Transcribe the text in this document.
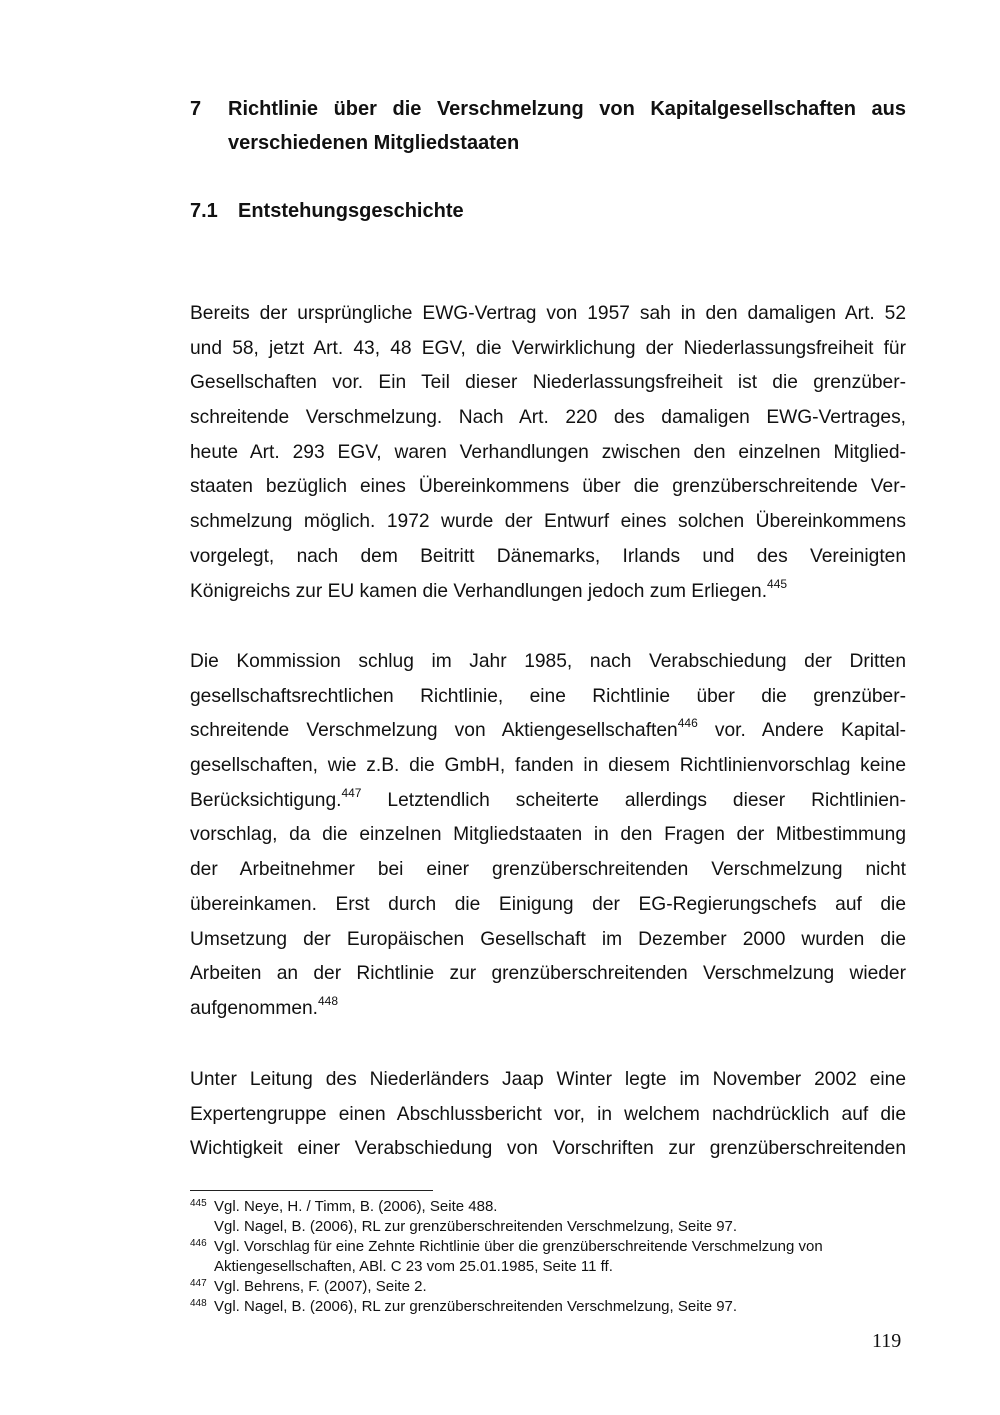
7 Richtlinie über die Verschmelzung von Kapitalgesellschaften aus verschiedenen Mitgliedstaaten
7.1 Entstehungsgeschichte
Bereits der ursprüngliche EWG-Vertrag von 1957 sah in den damaligen Art. 52
und 58, jetzt Art. 43, 48 EGV, die Verwirklichung der Niederlassungsfreiheit für
Gesellschaften vor. Ein Teil dieser Niederlassungsfreiheit ist die grenzüber-
schreitende Verschmelzung. Nach Art. 220 des damaligen EWG-Vertrages,
heute Art. 293 EGV, waren Verhandlungen zwischen den einzelnen Mitglied-
staaten bezüglich eines Übereinkommens über die grenzüberschreitende Ver-
schmelzung möglich. 1972 wurde der Entwurf eines solchen Übereinkommens
vorgelegt, nach dem Beitritt Dänemarks, Irlands und des Vereinigten
Königreichs zur EU kamen die Verhandlungen jedoch zum Erliegen.$^{445}$
Die Kommission schlug im Jahr 1985, nach Verabschiedung der Dritten
gesellschaftsrechtlichen Richtlinie, eine Richtlinie über die grenzüber-
schreitende Verschmelzung von Aktiengesellschaften$^{446}$ vor. Andere Kapital-
gesellschaften, wie z.B. die GmbH, fanden in diesem Richtlinienvorschlag keine
Berücksichtigung.$^{447}$ Letztendlich scheiterte allerdings dieser Richtlinien-
vorschlag, da die einzelnen Mitgliedstaaten in den Fragen der Mitbestimmung
der Arbeitnehmer bei einer grenzüberschreitenden Verschmelzung nicht
übereinkamen. Erst durch die Einigung der EG-Regierungschefs auf die
Umsetzung der Europäischen Gesellschaft im Dezember 2000 wurden die
Arbeiten an der Richtlinie zur grenzüberschreitenden Verschmelzung wieder
aufgenommen.$^{448}$
Unter Leitung des Niederländers Jaap Winter legte im November 2002 eine
Expertengruppe einen Abschlussbericht vor, in welchem nachdrücklich auf die
Wichtigkeit einer Verabschiedung von Vorschriften zur grenzüberschreitenden
445 Vgl. Neye, H. / Timm, B. (2006), Seite 488.
Vgl. Nagel, B. (2006), RL zur grenzüberschreitenden Verschmelzung, Seite 97.
446 Vgl. Vorschlag für eine Zehnte Richtlinie über die grenzüberschreitende Verschmelzung von
Aktiengesellschaften, ABl. C 23 vom 25.01.1985, Seite 11 ff.
447 Vgl. Behrens, F. (2007), Seite 2.
448 Vgl. Nagel, B. (2006), RL zur grenzüberschreitenden Verschmelzung, Seite 97.
119
